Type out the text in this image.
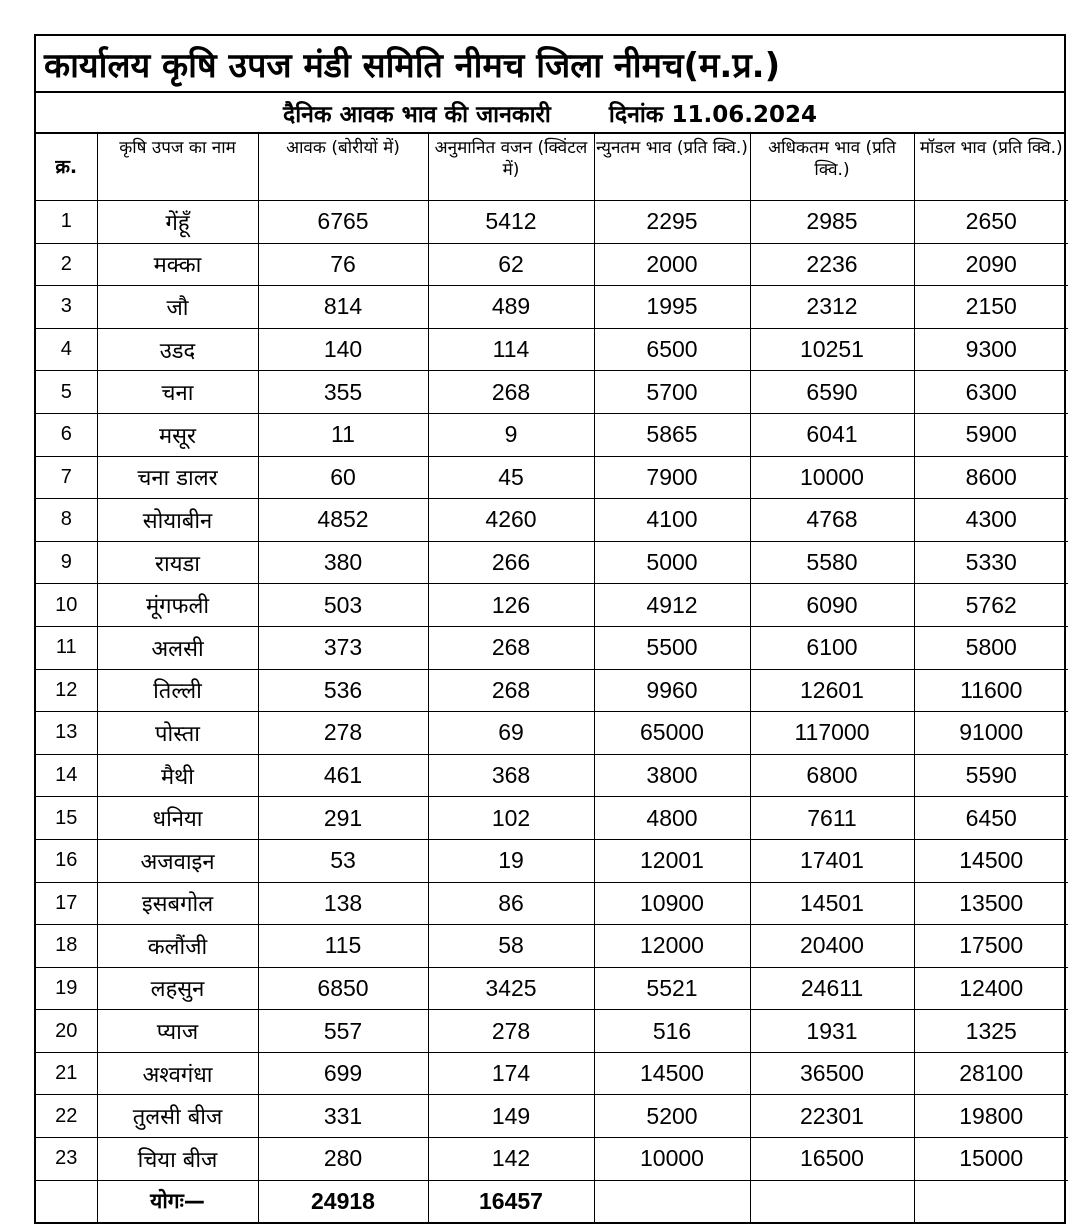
कार्यालय कृषि उपज मंडी समिति नीमच जिला नीमच(म.प्र.)
दैनिक आवक भाव की जानकारी	दिनांक 11.06.2024
क्र.	कृषि उपज का नाम	आवक (बोरीयों में)	अनुमानित वजन (क्विंटल में)	न्युनतम भाव (प्रति क्वि.)	अधिकतम भाव (प्रति क्वि.)	मॉडल भाव (प्रति क्वि.)
1	गेंहूँ	6765	5412	2295	2985	2650
2	मक्का	76	62	2000	2236	2090
3	जौ	814	489	1995	2312	2150
4	उडद	140	114	6500	10251	9300
5	चना	355	268	5700	6590	6300
6	मसूर	11	9	5865	6041	5900
7	चना डालर	60	45	7900	10000	8600
8	सोयाबीन	4852	4260	4100	4768	4300
9	रायडा	380	266	5000	5580	5330
10	मूंगफली	503	126	4912	6090	5762
11	अलसी	373	268	5500	6100	5800
12	तिल्ली	536	268	9960	12601	11600
13	पोस्ता	278	69	65000	117000	91000
14	मैथी	461	368	3800	6800	5590
15	धनिया	291	102	4800	7611	6450
16	अजवाइन	53	19	12001	17401	14500
17	इसबगोल	138	86	10900	14501	13500
18	कलौंजी	115	58	12000	20400	17500
19	लहसुन	6850	3425	5521	24611	12400
20	प्याज	557	278	516	1931	1325
21	अश्वगंधा	699	174	14500	36500	28100
22	तुलसी बीज	331	149	5200	22301	19800
23	चिया बीज	280	142	10000	16500	15000
	योगः—	24918	16457			
